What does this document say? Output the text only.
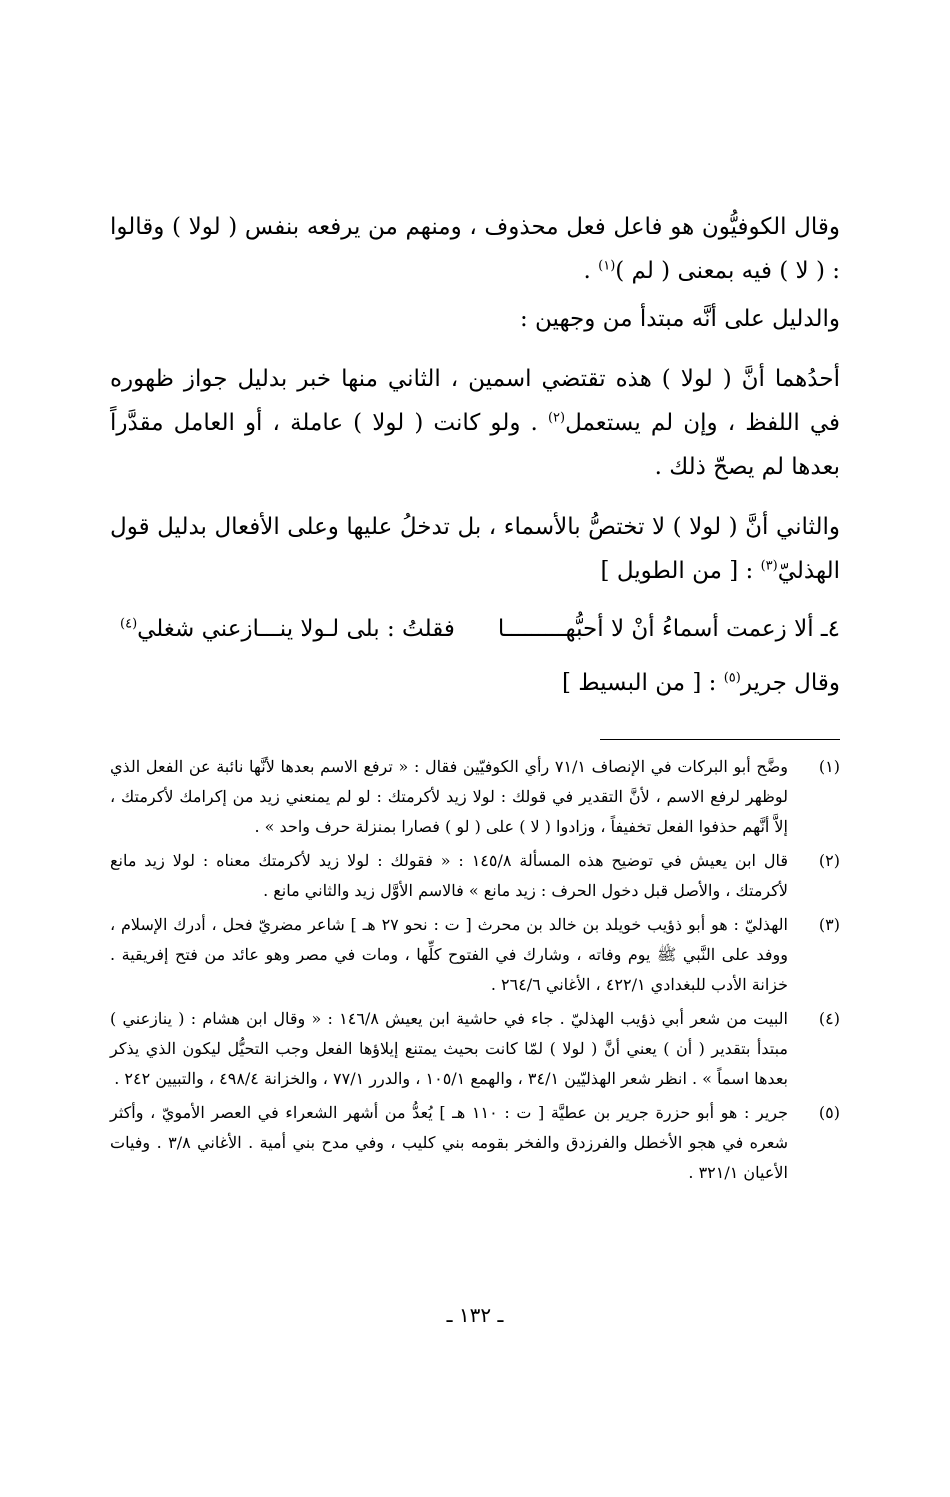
وقال الكوفيُّون هو فاعل فعل محذوف ، ومنهم من يرفعه بنفس ( لولا ) وقالوا : ( لا ) فيه بمعنى ( لم )$^{(١)}$ .

والدليل على أنَّه مبتدأ من وجهين :

أحدُهما أنَّ ( لولا ) هذه تقتضي اسمين ، الثاني منها خبر بدليل جواز ظهوره في اللفظ ، وإن لم يستعمل$^{(٢)}$ . ولو كانت ( لولا ) عاملة ، أو العامل مقدَّراً بعدها لم يصحّ ذلك .

والثاني أنَّ ( لولا ) لا تختصُّ بالأسماء ، بل تدخلُ عليها وعلى الأفعال بدليل قول الهذليّ$^{(٣)}$ : [ من الطويل ]

٤ـ ألا زعمت أسماءُ أنْ لا أحبُّهـــــــــا
فقلتُ : بلى لـولا ينـــازعني شغلي$^{(٤)}$

وقال جرير$^{(٥)}$ : [ من البسيط ]

(١)
وضَّح أبو البركات في الإنصاف ٧١/١ رأي الكوفيّين فقال : « ترفع الاسم بعدها لأنَّها نائبة عن الفعل الذي لوظهر لرفع الاسم ، لأنَّ التقدير في قولك : لولا زيد لأكرمتك : لو لم يمنعني زيد من إكرامك لأكرمتك ، إلاَّ أنَّهم حذفوا الفعل تخفيفاً ، وزادوا ( لا ) على ( لو ) فصارا بمنزلة حرف واحد » .
(٢)
قال ابن يعيش في توضيح هذه المسألة ١٤٥/٨ : « فقولك : لولا زيد لأكرمتك معناه : لولا زيد مانع لأكرمتك ، والأصل قبل دخول الحرف : زيد مانع » فالاسم الأوَّل زيد والثاني مانع .
(٣)
الهذليّ : هو أبو ذؤيب خويلد بن خالد بن محرث [ ت : نحو ٢٧ هـ ] شاعر مضريّ فحل ، أدرك الإسلام ، ووفد على النَّبي ﷺ يوم وفاته ، وشارك في الفتوح كلِّها ، ومات في مصر وهو عائد من فتح إفريقية . خزانة الأدب للبغدادي ٤٢٢/١ ، الأغاني ٢٦٤/٦ .
(٤)
البيت من شعر أبي ذؤيب الهذليّ . جاء في حاشية ابن يعيش ١٤٦/٨ : « وقال ابن هشام : ( ينازعني ) مبتدأ بتقدير ( أن ) يعني أنَّ ( لولا ) لمّا كانت بحيث يمتنع إيلاؤها الفعل وجب التحيُّل ليكون الذي يذكر بعدها اسماً » . انظر شعر الهذليّين ٣٤/١ ، والهمع ١٠٥/١ ، والدرر ٧٧/١ ، والخزانة ٤٩٨/٤ ، والتبيين ٢٤٢ .
(٥)
جرير : هو أبو حزرة جرير بن عطيَّة [ ت : ١١٠ هـ ] يُعدُّ من أشهر الشعراء في العصر الأمويّ ، وأكثر شعره في هجو الأخطل والفرزدق والفخر بقومه بني كليب ، وفي مدح بني أمية . الأغاني ٣/٨ . وفيات الأعيان ٣٢١/١ .
ـ ١٣٢ ـ
